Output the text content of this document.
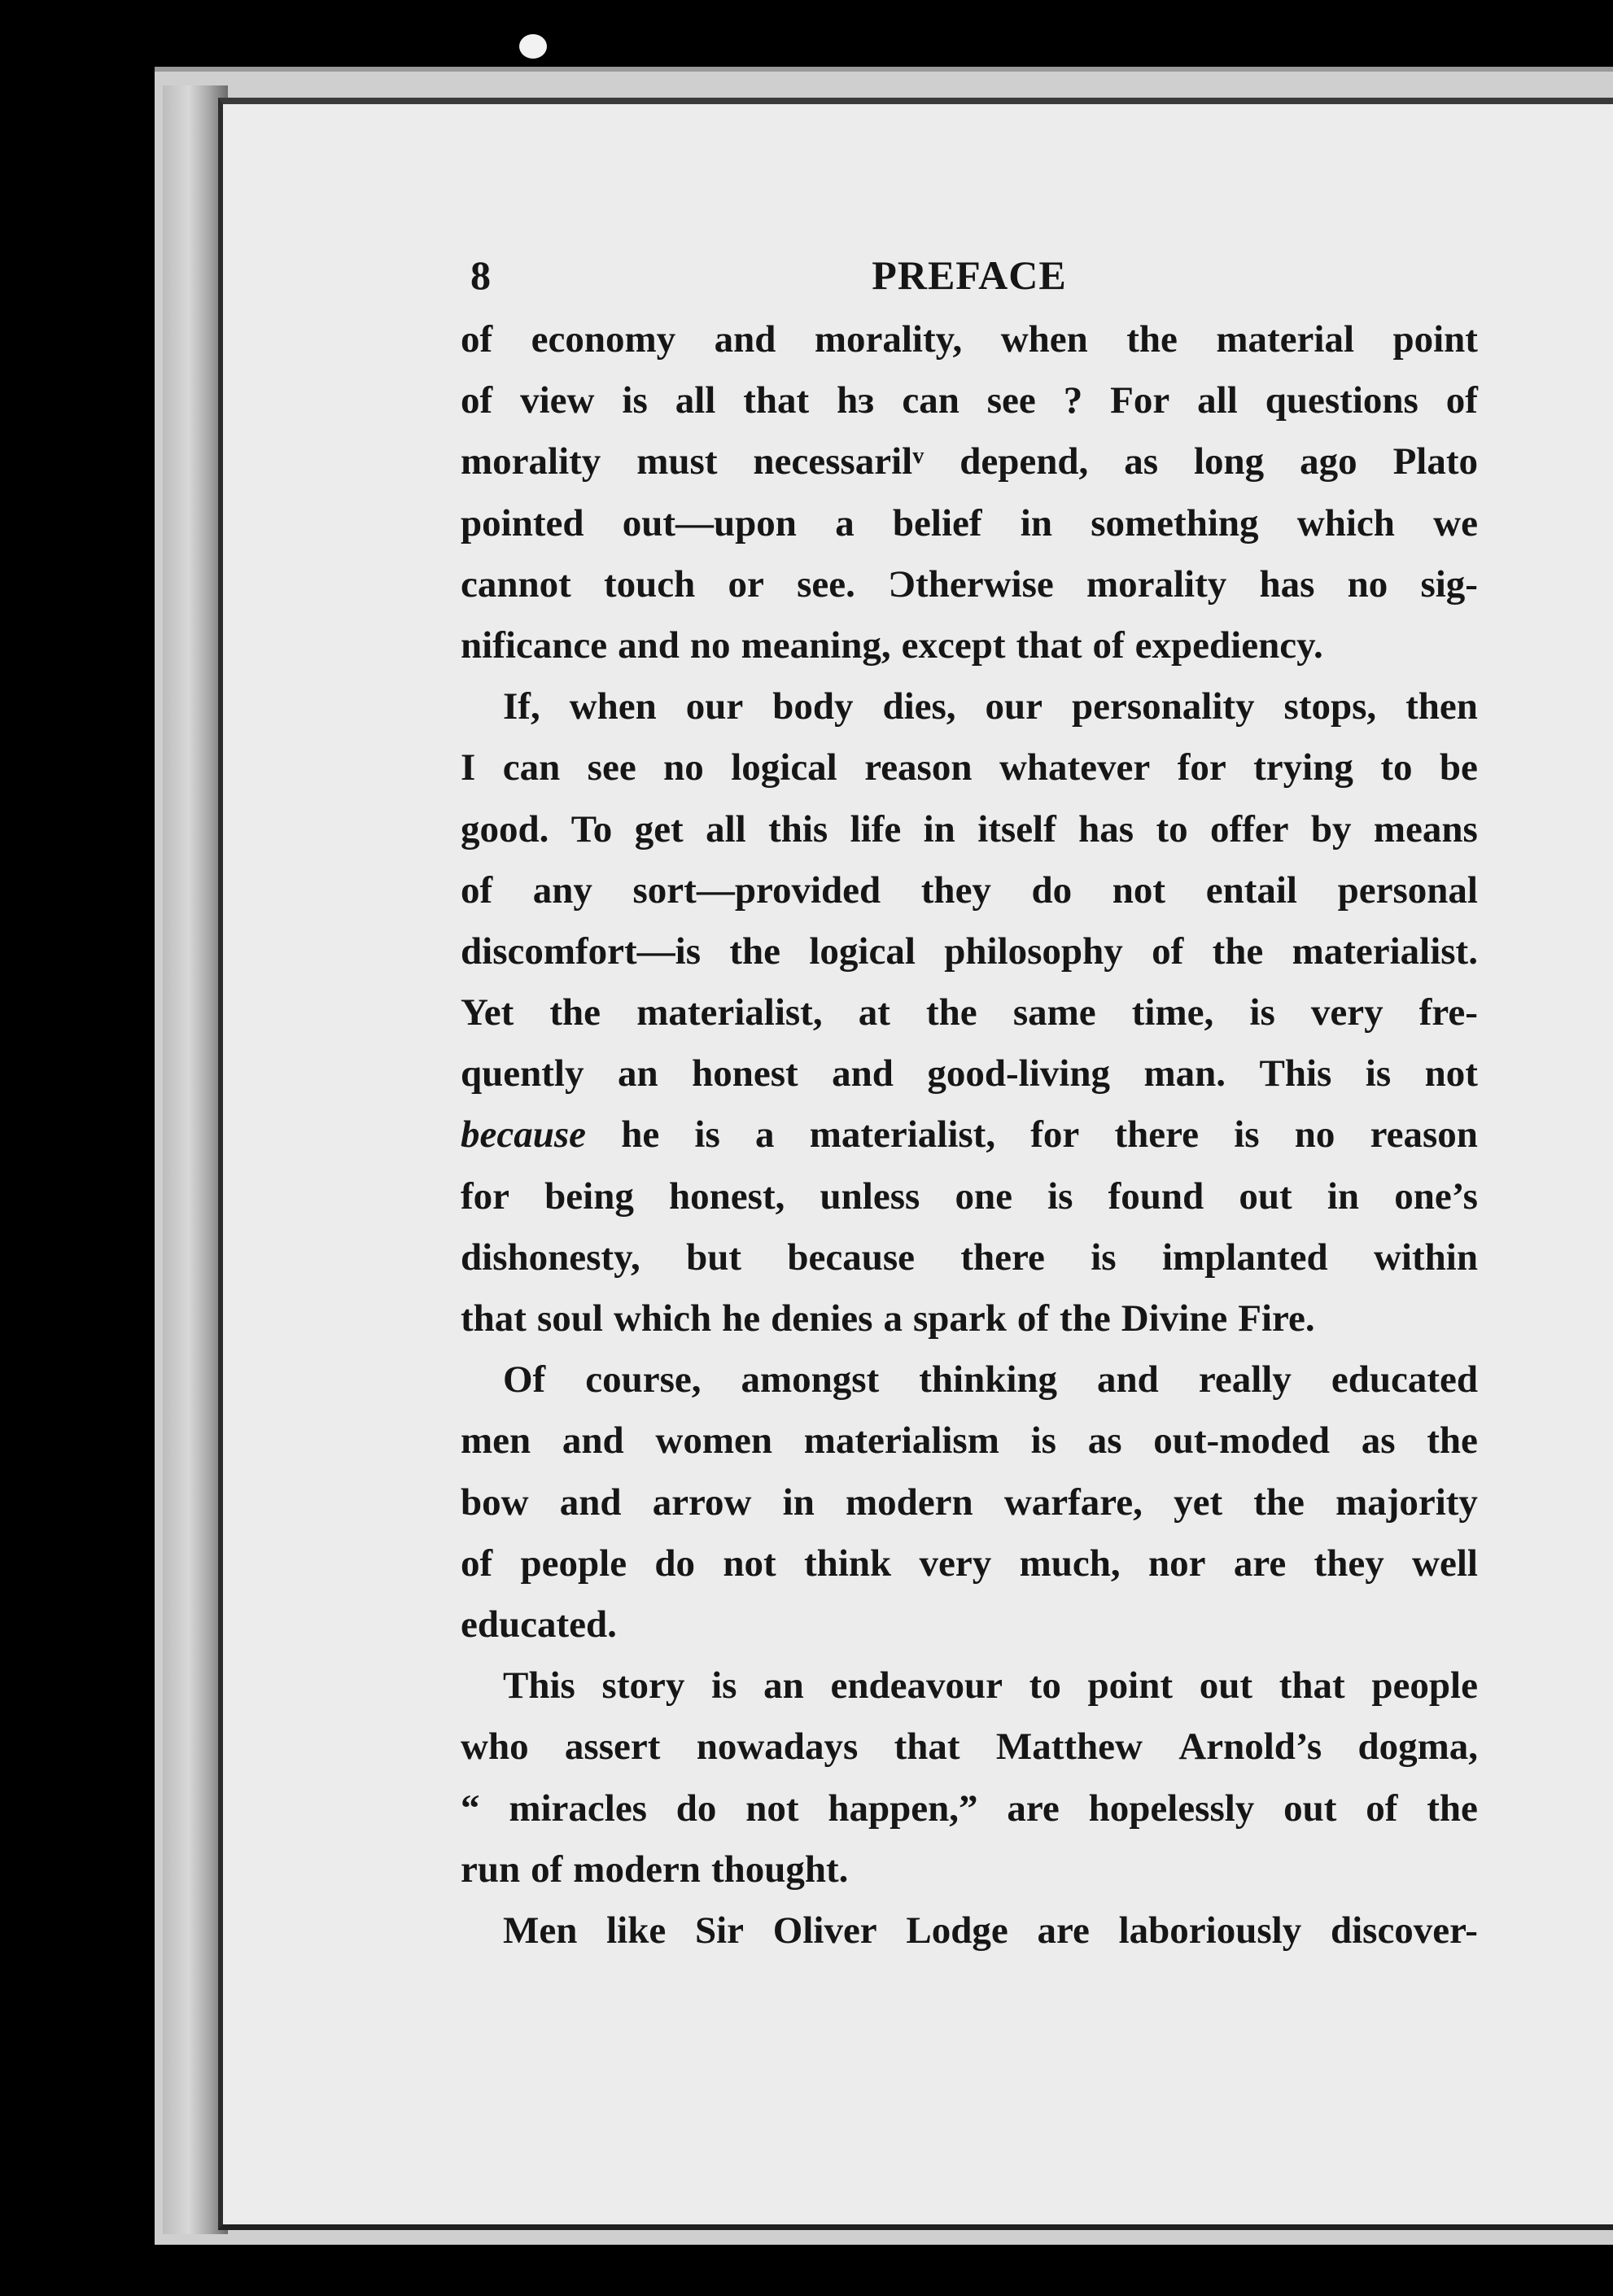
8	PREFACE
of economy and morality, when the material point
of view is all that hɜ can see ? For all questions of
morality must necessarilᵛ depend, as long ago Plato
pointed out—upon a belief in something which we
cannot touch or see. Ɔtherwise morality has no sig-
nificance and no meaning, except that of expediency.
If, when our body dies, our personality stops, then
I can see no logical reason whatever for trying to be
good. To get all this life in itself has to offer by means
of any sort—provided they do not entail personal
discomfort—is the logical philosophy of the materialist.
Yet the materialist, at the same time, is very fre-
quently an honest and good-living man. This is not
because he is a materialist, for there is no reason
for being honest, unless one is found out in one’s
dishonesty, but because there is implanted within
that soul which he denies a spark of the Divine Fire.
Of course, amongst thinking and really educated
men and women materialism is as out-moded as the
bow and arrow in modern warfare, yet the majority
of people do not think very much, nor are they well
educated.
This story is an endeavour to point out that people
who assert nowadays that Matthew Arnold’s dogma,
“ miracles do not happen,” are hopelessly out of the
run of modern thought.
Men like Sir Oliver Lodge are laboriously discover-
